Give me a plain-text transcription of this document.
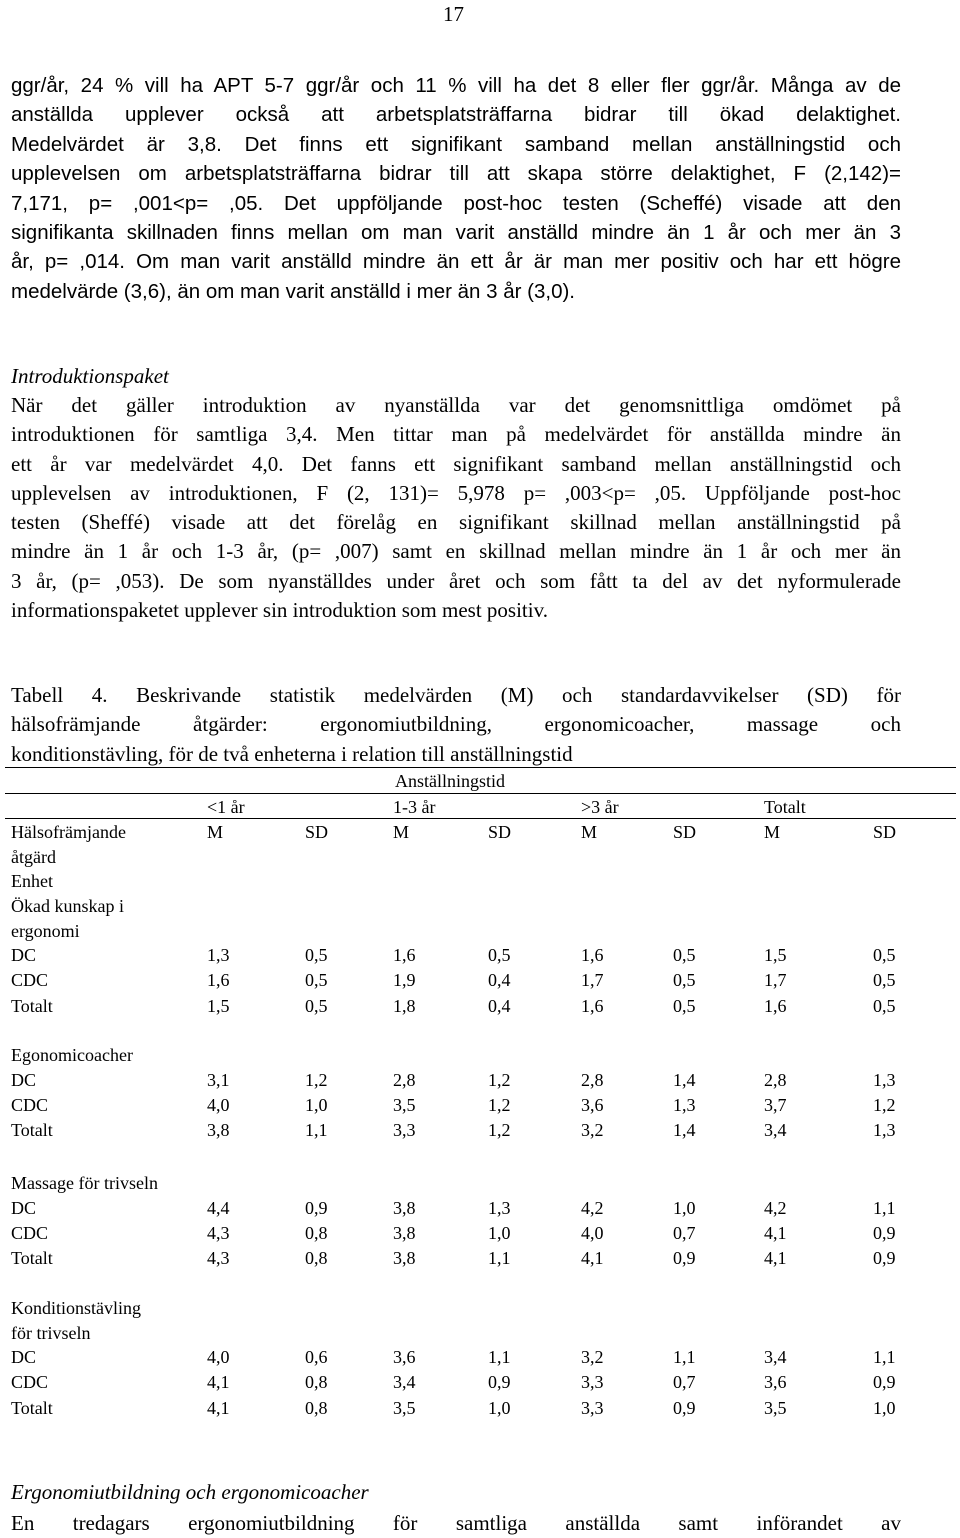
17
ggr/år, 24 % vill ha APT 5-7 ggr/år och 11 % vill ha det 8 eller fler ggr/år. Många av de
anställda upplever också att arbetsplatsträffarna bidrar till ökad delaktighet.
Medelvärdet är 3,8. Det finns ett signifikant samband mellan anställningstid och
upplevelsen om arbetsplatsträffarna bidrar till att skapa större delaktighet, F (2,142)=
7,171, p= ,001<p= ,05. Det uppföljande post-hoc testen (Scheffé) visade att den
signifikanta skillnaden finns mellan om man varit anställd mindre än 1 år och mer än 3
år, p= ,014. Om man varit anställd mindre än ett år är man mer positiv och har ett högre
medelvärde (3,6), än om man varit anställd i mer än 3 år (3,0).
Introduktionspaket
När det gäller introduktion av nyanställda var det genomsnittliga omdömet på
introduktionen för samtliga 3,4. Men tittar man på medelvärdet för anställda mindre än
ett år var medelvärdet 4,0. Det fanns ett signifikant samband mellan anställningstid och
upplevelsen av introduktionen, F (2, 131)= 5,978 p= ,003<p= ,05. Uppföljande post-hoc
testen (Sheffé) visade att det förelåg en signifikant skillnad mellan anställningstid på
mindre än 1 år och 1-3 år, (p= ,007) samt en skillnad mellan mindre än 1 år och mer än
3 år, (p= ,053). De som nyanställdes under året och som fått ta del av det nyformulerade
informationspaketet upplever sin introduktion som mest positiv.
Tabell 4. Beskrivande statistik medelvärden (M) och standardavvikelser (SD) för
hälsofrämjande åtgärder: ergonomiutbildning, ergonomicoacher, massage och
konditionstävling, för de två enheterna i relation till anställningstid
Anställningstid
<1 år	1-3 år	>3 år	Totalt
Hälsofrämjande
åtgärd
Enhet
M	SD	M	SD	M	SD	M	SD
Ökad kunskap i
ergonomi
DC	1,3	0,5	1,6	0,5	1,6	0,5	1,5	0,5
CDC	1,6	0,5	1,9	0,4	1,7	0,5	1,7	0,5
Totalt	1,5	0,5	1,8	0,4	1,6	0,5	1,6	0,5
Egonomicoacher
DC	3,1	1,2	2,8	1,2	2,8	1,4	2,8	1,3
CDC	4,0	1,0	3,5	1,2	3,6	1,3	3,7	1,2
Totalt	3,8	1,1	3,3	1,2	3,2	1,4	3,4	1,3
Massage för trivseln
DC	4,4	0,9	3,8	1,3	4,2	1,0	4,2	1,1
CDC	4,3	0,8	3,8	1,0	4,0	0,7	4,1	0,9
Totalt	4,3	0,8	3,8	1,1	4,1	0,9	4,1	0,9
Konditionstävling
för trivseln
DC	4,0	0,6	3,6	1,1	3,2	1,1	3,4	1,1
CDC	4,1	0,8	3,4	0,9	3,3	0,7	3,6	0,9
Totalt	4,1	0,8	3,5	1,0	3,3	0,9	3,5	1,0
Ergonomiutbildning och ergonomicoacher
En tredagars ergonomiutbildning för samtliga anställda samt införandet av
